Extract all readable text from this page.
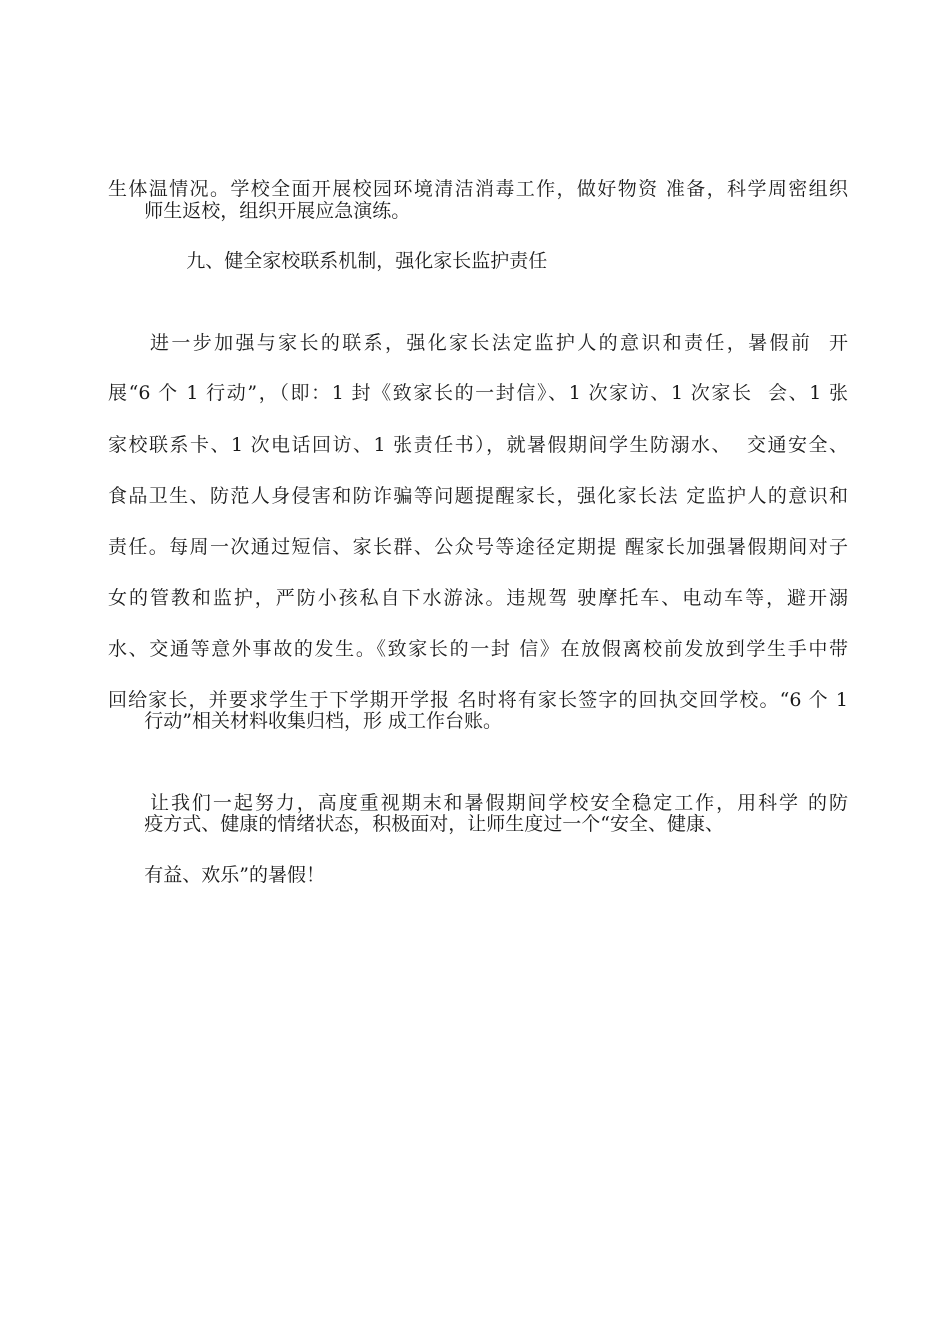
生体温情况。学校全面开展校园环境清洁消毒工作，做好物资 准备，科学周密组织

师生返校，组织开展应急演练。

九、健全家校联系机制，强化家长监护责任

进一步加强与家长的联系，强化家长法定监护人的意识和责任，暑假前  开

展“6 个 1 行动”，（即：1 封《致家长的一封信》、1 次家访、1 次家长  会、1 张

家校联系卡、1 次电话回访、1 张责任书），就暑假期间学生防溺水、  交通安全、

食品卫生、防范人身侵害和防诈骗等问题提醒家长，强化家长法 定监护人的意识和

责任。每周一次通过短信、家长群、公众号等途径定期提 醒家长加强暑假期间对子

女的管教和监护，严防小孩私自下水游泳。违规驾 驶摩托车、电动车等，避开溺

水、交通等意外事故的发生。《致家长的一封 信》在放假离校前发放到学生手中带

回给家长，并要求学生于下学期开学报 名时将有家长签字的回执交回学校。“6 个 1

行动”相关材料收集归档，形 成工作台账。

让我们一起努力，高度重视期末和暑假期间学校安全稳定工作，用科学 的防

疫方式、健康的情绪状态，积极面对，让师生度过一个“安全、健康、

有益、欢乐”的暑假！
